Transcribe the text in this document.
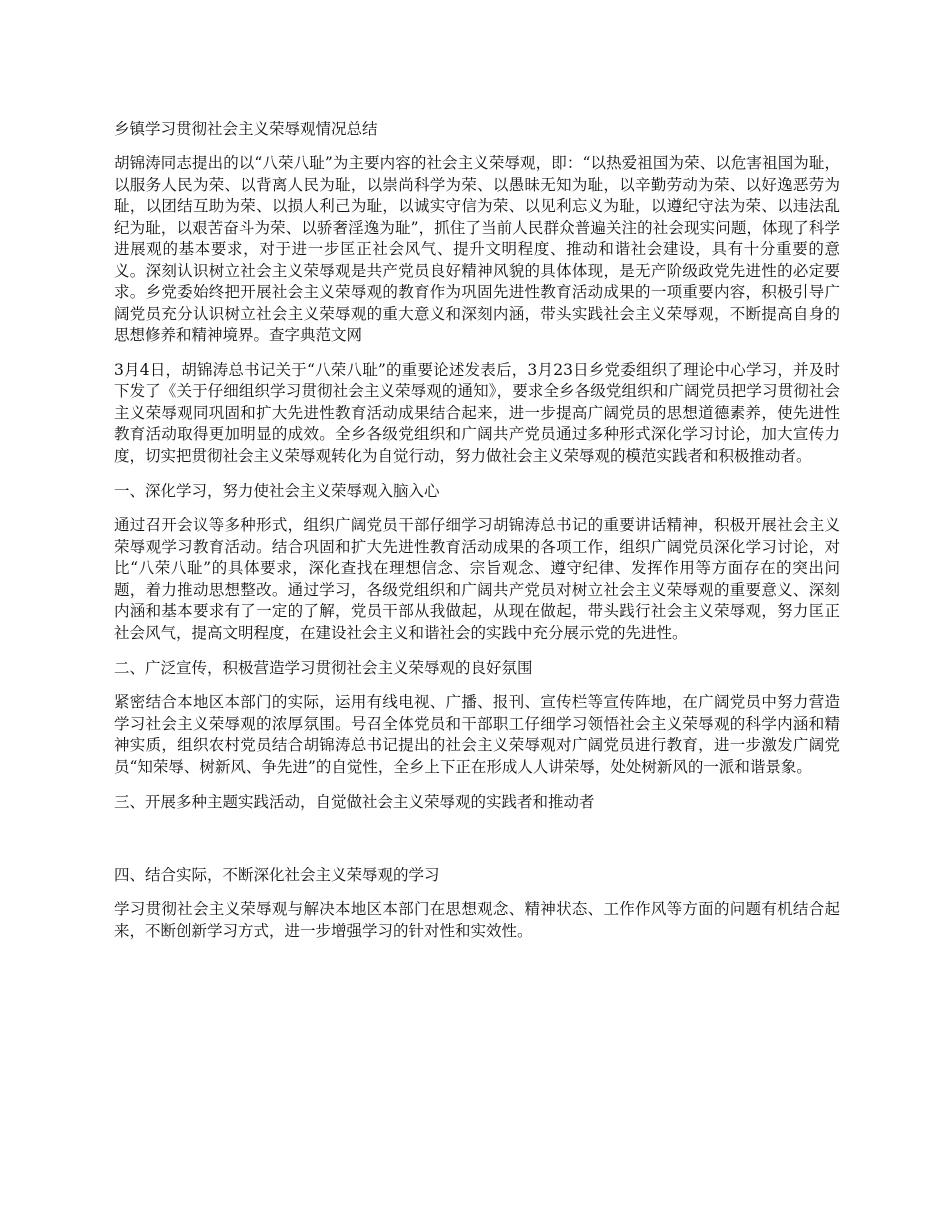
乡镇学习贯彻社会主义荣辱观情况总结
胡锦涛同志提出的以“八荣八耻”为主要内容的社会主义荣辱观，即：“以热爱祖国为荣、以危害祖国为耻，以服务人民为荣、以背离人民为耻，以崇尚科学为荣、以愚昧无知为耻，以辛勤劳动为荣、以好逸恶劳为耻，以团结互助为荣、以损人利己为耻，以诚实守信为荣、以见利忘义为耻，以遵纪守法为荣、以违法乱纪为耻，以艰苦奋斗为荣、以骄奢淫逸为耻”，抓住了当前人民群众普遍关注的社会现实问题，体现了科学进展观的基本要求，对于进一步匡正社会风气、提升文明程度、推动和谐社会建设，具有十分重要的意义。深刻认识树立社会主义荣辱观是共产党员良好精神风貌的具体体现，是无产阶级政党先进性的必定要求。乡党委始终把开展社会主义荣辱观的教育作为巩固先进性教育活动成果的一项重要内容，积极引导广阔党员充分认识树立社会主义荣辱观的重大意义和深刻内涵，带头实践社会主义荣辱观，不断提高自身的思想修养和精神境界。查字典范文网
3月4日，胡锦涛总书记关于“八荣八耻”的重要论述发表后，3月23日乡党委组织了理论中心学习，并及时下发了《关于仔细组织学习贯彻社会主义荣辱观的通知》，要求全乡各级党组织和广阔党员把学习贯彻社会主义荣辱观同巩固和扩大先进性教育活动成果结合起来，进一步提高广阔党员的思想道德素养，使先进性教育活动取得更加明显的成效。全乡各级党组织和广阔共产党员通过多种形式深化学习讨论，加大宣传力度，切实把贯彻社会主义荣辱观转化为自觉行动，努力做社会主义荣辱观的模范实践者和积极推动者。
一、深化学习，努力使社会主义荣辱观入脑入心
通过召开会议等多种形式，组织广阔党员干部仔细学习胡锦涛总书记的重要讲话精神，积极开展社会主义荣辱观学习教育活动。结合巩固和扩大先进性教育活动成果的各项工作，组织广阔党员深化学习讨论，对比“八荣八耻”的具体要求，深化查找在理想信念、宗旨观念、遵守纪律、发挥作用等方面存在的突出问题，着力推动思想整改。通过学习，各级党组织和广阔共产党员对树立社会主义荣辱观的重要意义、深刻内涵和基本要求有了一定的了解，党员干部从我做起，从现在做起，带头践行社会主义荣辱观，努力匡正社会风气，提高文明程度，在建设社会主义和谐社会的实践中充分展示党的先进性。
二、广泛宣传，积极营造学习贯彻社会主义荣辱观的良好氛围
紧密结合本地区本部门的实际，运用有线电视、广播、报刊、宣传栏等宣传阵地，在广阔党员中努力营造学习社会主义荣辱观的浓厚氛围。号召全体党员和干部职工仔细学习领悟社会主义荣辱观的科学内涵和精神实质，组织农村党员结合胡锦涛总书记提出的社会主义荣辱观对广阔党员进行教育，进一步激发广阔党员“知荣辱、树新风、争先进”的自觉性，全乡上下正在形成人人讲荣辱，处处树新风的一派和谐景象。
三、开展多种主题实践活动，自觉做社会主义荣辱观的实践者和推动者
四、结合实际，不断深化社会主义荣辱观的学习
学习贯彻社会主义荣辱观与解决本地区本部门在思想观念、精神状态、工作作风等方面的问题有机结合起来，不断创新学习方式，进一步增强学习的针对性和实效性。
